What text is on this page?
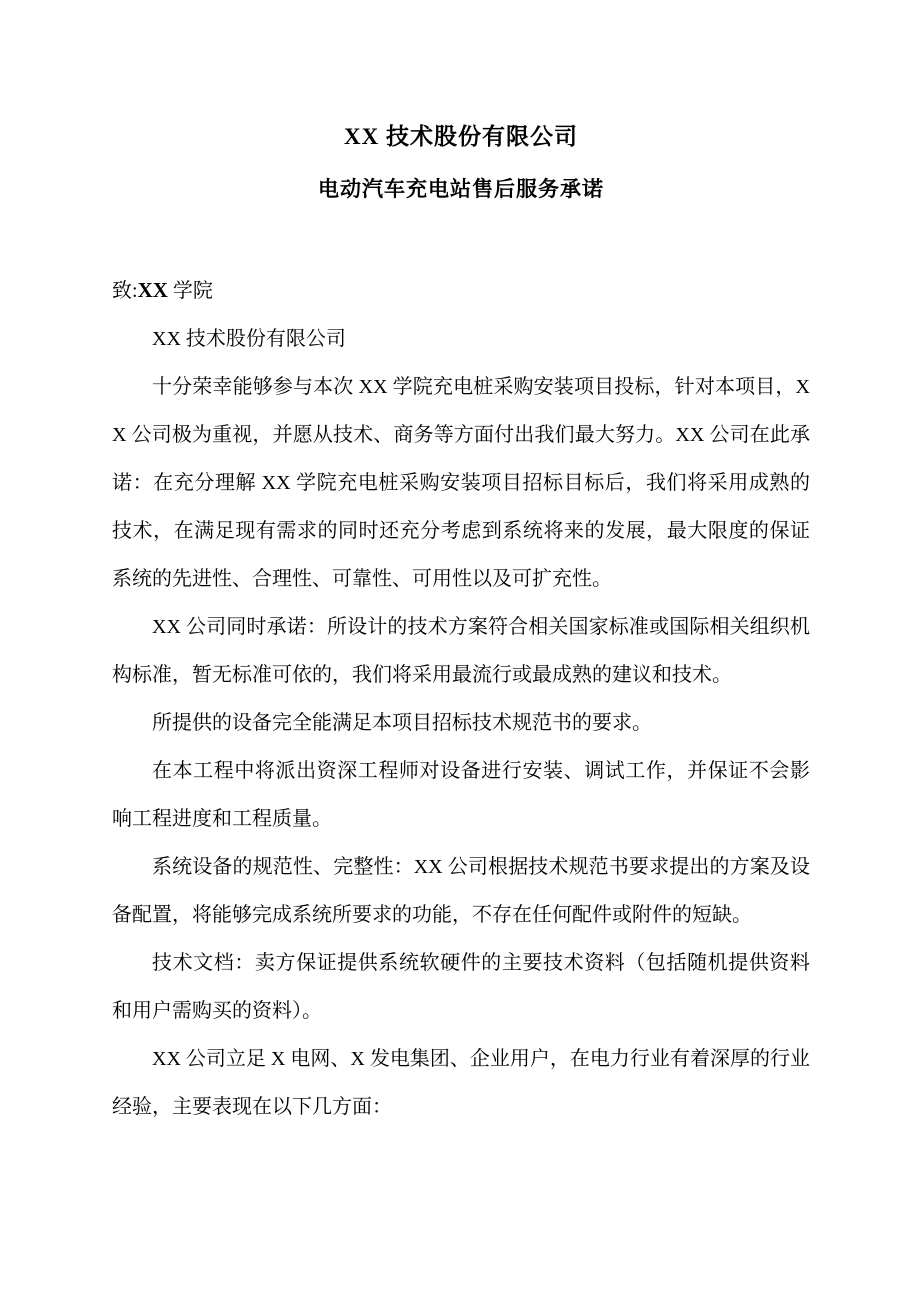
XX 技术股份有限公司
电动汽车充电站售后服务承诺

致:XX 学院

XX 技术股份有限公司

十分荣幸能够参与本次 XX 学院充电桩采购安装项目投标，针对本项目，XX 公司极为重视，并愿从技术、商务等方面付出我们最大努力。XX 公司在此承诺：在充分理解 XX 学院充电桩采购安装项目招标目标后，我们将采用成熟的技术，在满足现有需求的同时还充分考虑到系统将来的发展，最大限度的保证系统的先进性、合理性、可靠性、可用性以及可扩充性。

XX 公司同时承诺：所设计的技术方案符合相关国家标准或国际相关组织机构标准，暂无标准可依的，我们将采用最流行或最成熟的建议和技术。

所提供的设备完全能满足本项目招标技术规范书的要求。

在本工程中将派出资深工程师对设备进行安装、调试工作，并保证不会影响工程进度和工程质量。

系统设备的规范性、完整性：XX 公司根据技术规范书要求提出的方案及设备配置，将能够完成系统所要求的功能，不存在任何配件或附件的短缺。

技术文档：卖方保证提供系统软硬件的主要技术资料（包括随机提供资料和用户需购买的资料）。

XX 公司立足 X 电网、X 发电集团、企业用户，在电力行业有着深厚的行业经验，主要表现在以下几方面：
